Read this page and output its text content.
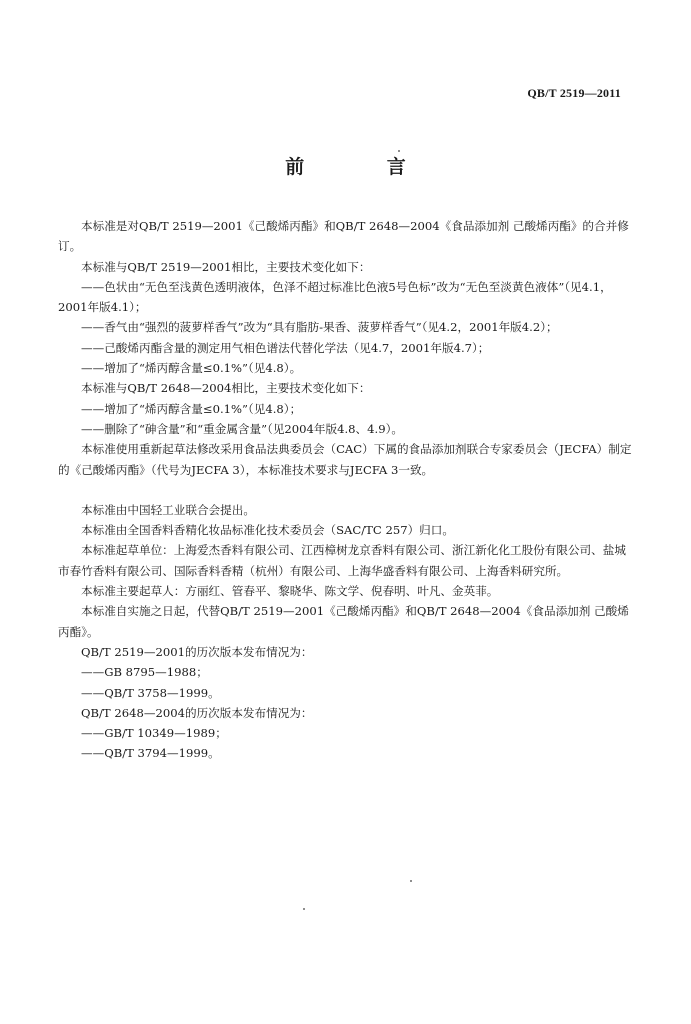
QB/T 2519—2011
前 言

本标准是对QB/T 2519—2001《己酸烯丙酯》和QB/T 2648—2004《食品添加剂 己酸烯丙酯》的合并修订。

本标准与QB/T 2519—2001相比，主要技术变化如下：

——色状由“无色至浅黄色透明液体，色泽不超过标准比色液5号色标”改为“无色至淡黄色液体”（见4.1，2001年版4.1）；

——香气由“强烈的菠萝样香气”改为“具有脂肪-果香、菠萝样香气”（见4.2，2001年版4.2）；

——己酸烯丙酯含量的测定用气相色谱法代替化学法（见4.7，2001年版4.7）；

——增加了“烯丙醇含量≤0.1%”（见4.8）。

本标准与QB/T 2648—2004相比，主要技术变化如下：

——增加了“烯丙醇含量≤0.1%”（见4.8）；

——删除了“砷含量”和“重金属含量”（见2004年版4.8、4.9）。

本标准使用重新起草法修改采用食品法典委员会（CAC）下属的食品添加剂联合专家委员会（JECFA）制定的《己酸烯丙酯》（代号为JECFA 3），本标准技术要求与JECFA 3一致。

本标准由中国轻工业联合会提出。

本标准由全国香料香精化妆品标准化技术委员会（SAC/TC 257）归口。

本标准起草单位：上海爱杰香料有限公司、江西樟树龙京香料有限公司、浙江新化化工股份有限公司、盐城市春竹香料有限公司、国际香料香精（杭州）有限公司、上海华盛香料有限公司、上海香料研究所。

本标准主要起草人：方丽红、管春平、黎晓华、陈文学、倪春明、叶凡、金英菲。

本标准自实施之日起，代替QB/T 2519—2001《己酸烯丙酯》和QB/T 2648—2004《食品添加剂 己酸烯丙酯》。

QB/T 2519—2001的历次版本发布情况为：

——GB 8795—1988；

——QB/T 3758—1999。

QB/T 2648—2004的历次版本发布情况为：

——GB/T 10349—1989；

——QB/T 3794—1999。
